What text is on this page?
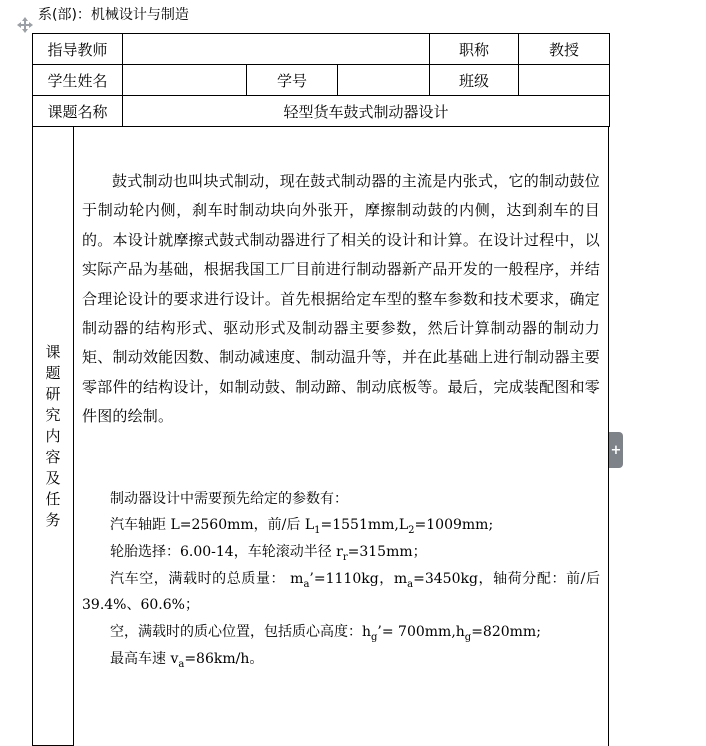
系(部)：机械设计与制造
指导教师				职称	教授
学生姓名		学号		班级	
课题名称	轻型货车鼓式制动器设计				
课
题
研
究
内
容
及
任
务

鼓式制动也叫块式制动，现在鼓式制动器的主流是内张式，它的制动鼓位于制动轮内侧，刹车时制动块向外张开，摩擦制动鼓的内侧，达到刹车的目的。本设计就摩擦式鼓式制动器进行了相关的设计和计算。在设计过程中，以实际产品为基础，根据我国工厂目前进行制动器新产品开发的一般程序，并结合理论设计的要求进行设计。首先根据给定车型的整车参数和技术要求，确定制动器的结构形式、驱动形式及制动器主要参数，然后计算制动器的制动力矩、制动效能因数、制动减速度、制动温升等，并在此基础上进行制动器主要零部件的结构设计，如制动鼓、制动蹄、制动底板等。最后，完成装配图和零件图的绘制。

制动器设计中需要预先给定的参数有：

汽车轴距 L=2560mm，前/后 $L_1=1551mm,L_2=1009mm$;

轮胎选择：6.00-14，车轮滚动半径 $r_r=315mm$；

汽车空，满载时的总质量： $m_a’=1110kg$，$m_a=3450kg$，轴荷分配：前/后 39.4%、60.6%；

空，满载时的质心位置，包括质心高度：$h_g’= 700mm,h_g=820mm$;

最高车速 $v_a=86km/h$。

+
